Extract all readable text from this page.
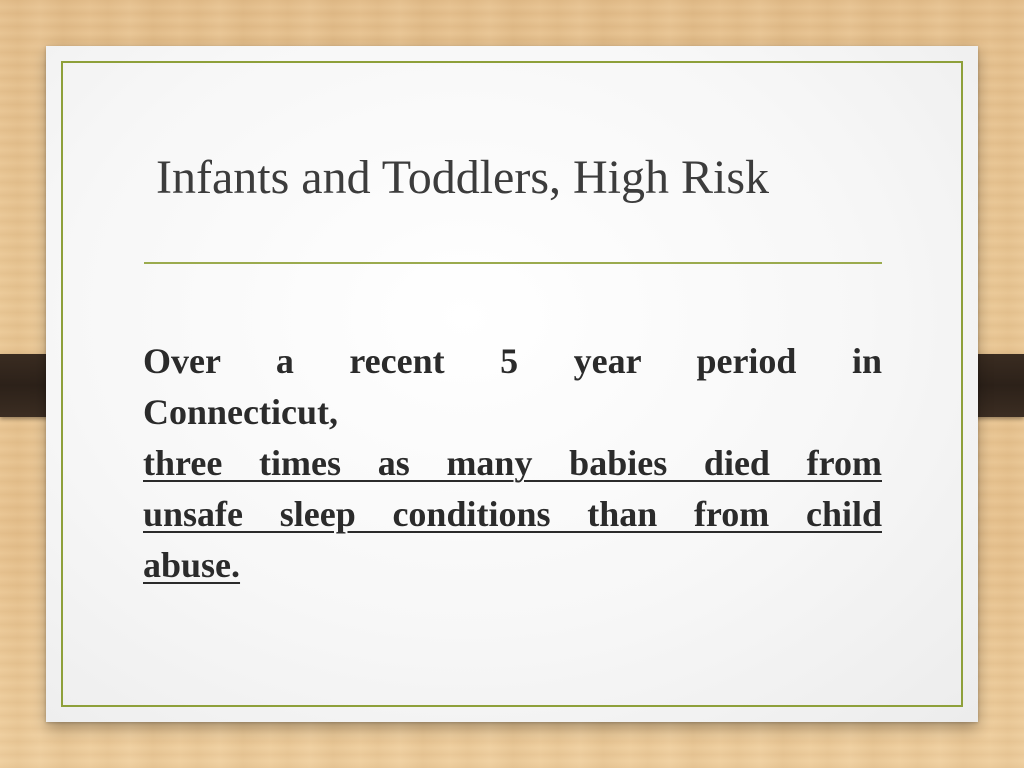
Infants and Toddlers, High Risk
Over a recent 5 year period in
Connecticut,
three times as many babies died from
unsafe sleep conditions than from child
abuse.
